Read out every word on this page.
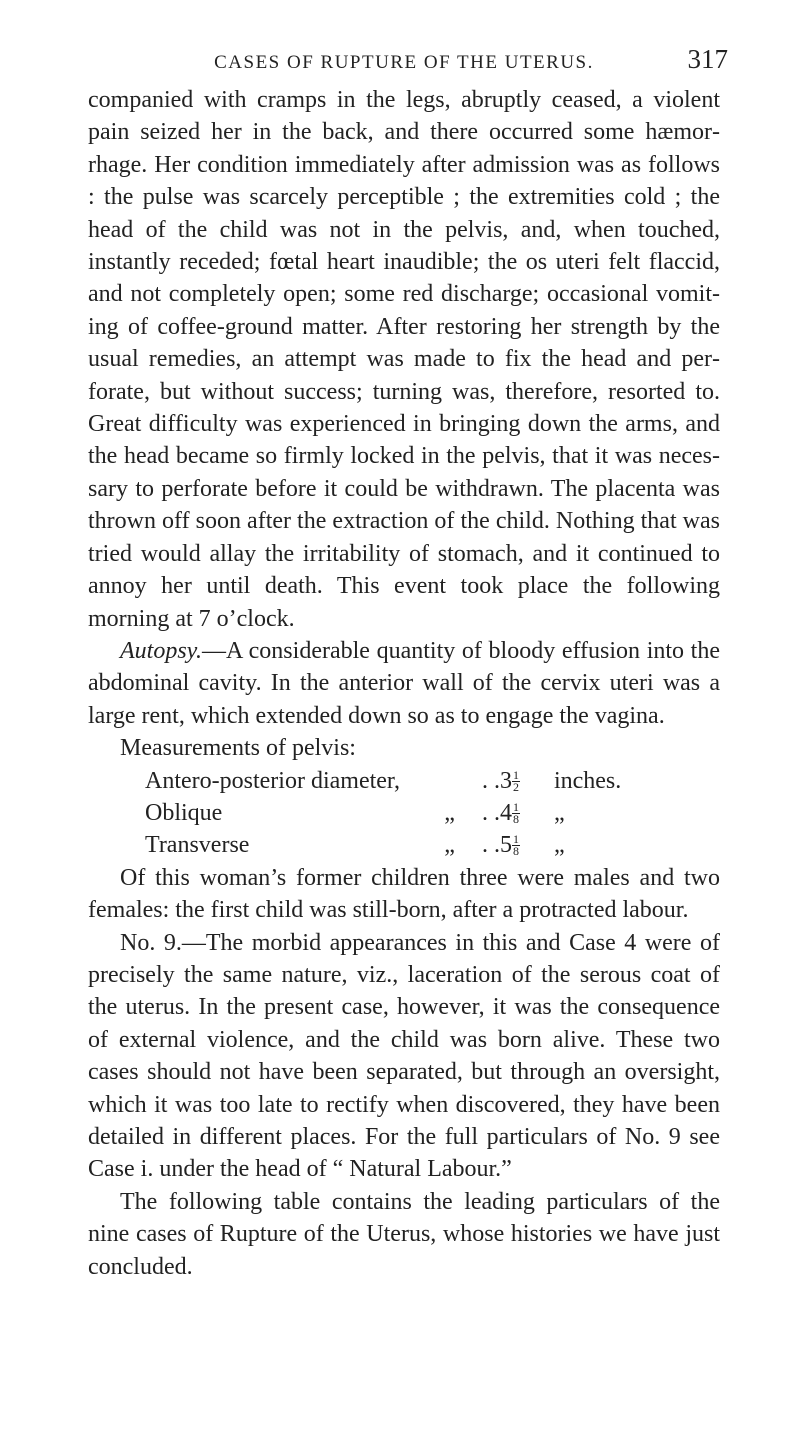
CASES OF RUPTURE OF THE UTERUS.	317

companied with cramps in the legs, abruptly ceased, a violent pain seized her in the back, and there occurred some hæmorrhage. Her condition immediately after admission was as follows : the pulse was scarcely perceptible ; the extremities cold ; the head of the child was not in the pelvis, and, when touched, instantly receded; fœtal heart inaudible; the os uteri felt flaccid, and not completely open; some red discharge; occasional vomiting of coffee-ground matter. After restoring her strength by the usual remedies, an attempt was made to fix the head and perforate, but without success; turning was, therefore, resorted to. Great difficulty was experienced in bringing down the arms, and the head became so firmly locked in the pelvis, that it was necessary to perforate before it could be withdrawn. The placenta was thrown off soon after the extraction of the child. Nothing that was tried would allay the irritability of stomach, and it continued to annoy her until death. This event took place the following morning at 7 o’clock.

Autopsy.—A considerable quantity of bloody effusion into the abdominal cavity. In the anterior wall of the cervix uteri was a large rent, which extended down so as to engage the vagina.

Measurements of pelvis:

Antero-posterior diameter,		. .	$3 \frac{1}{2}$	inches.
Oblique	„	. .	$4 \frac{1}{8}$	„
Transverse	„	. .	$5 \frac{1}{8}$	„

Of this woman’s former children three were males and two females: the first child was still-born, after a protracted labour.

No. 9.—The morbid appearances in this and Case 4 were of precisely the same nature, viz., laceration of the serous coat of the uterus. In the present case, however, it was the consequence of external violence, and the child was born alive. These two cases should not have been separated, but through an oversight, which it was too late to rectify when discovered, they have been detailed in different places. For the full particulars of No. 9 see Case i. under the head of “ Natural Labour.”

The following table contains the leading particulars of the nine cases of Rupture of the Uterus, whose histories we have just concluded.
